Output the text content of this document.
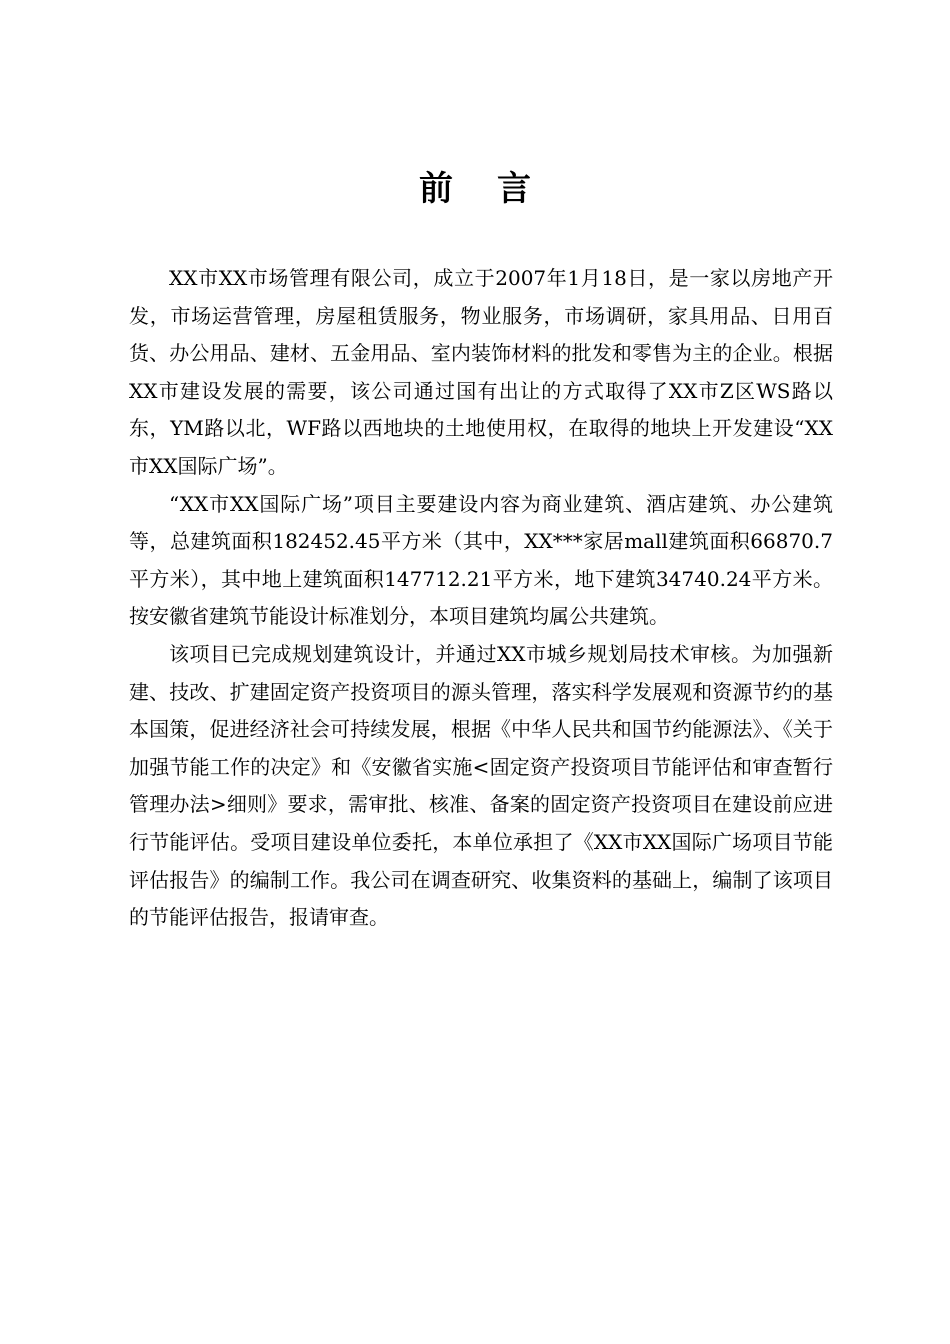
前言

XX市XX市场管理有限公司，成立于2007年1月18日，是一家以房地产开发，市场运营管理，房屋租赁服务，物业服务，市场调研，家具用品、日用百货、办公用品、建材、五金用品、室内装饰材料的批发和零售为主的企业。根据XX市建设发展的需要，该公司通过国有出让的方式取得了XX市Z区WS路以东，YM路以北，WF路以西地块的土地使用权，在取得的地块上开发建设“XX市XX国际广场”。

“XX市XX国际广场”项目主要建设内容为商业建筑、酒店建筑、办公建筑等，总建筑面积182452.45平方米（其中，XX***家居mall建筑面积66870.7平方米），其中地上建筑面积147712.21平方米，地下建筑34740.24平方米。按安徽省建筑节能设计标准划分，本项目建筑均属公共建筑。

该项目已完成规划建筑设计，并通过XX市城乡规划局技术审核。为加强新建、技改、扩建固定资产投资项目的源头管理，落实科学发展观和资源节约的基本国策，促进经济社会可持续发展，根据《中华人民共和国节约能源法》、《关于加强节能工作的决定》和《安徽省实施<固定资产投资项目节能评估和审查暂行管理办法>细则》要求，需审批、核准、备案的固定资产投资项目在建设前应进行节能评估。受项目建设单位委托，本单位承担了《XX市XX国际广场项目节能评估报告》的编制工作。我公司在调查研究、收集资料的基础上，编制了该项目的节能评估报告，报请审查。
